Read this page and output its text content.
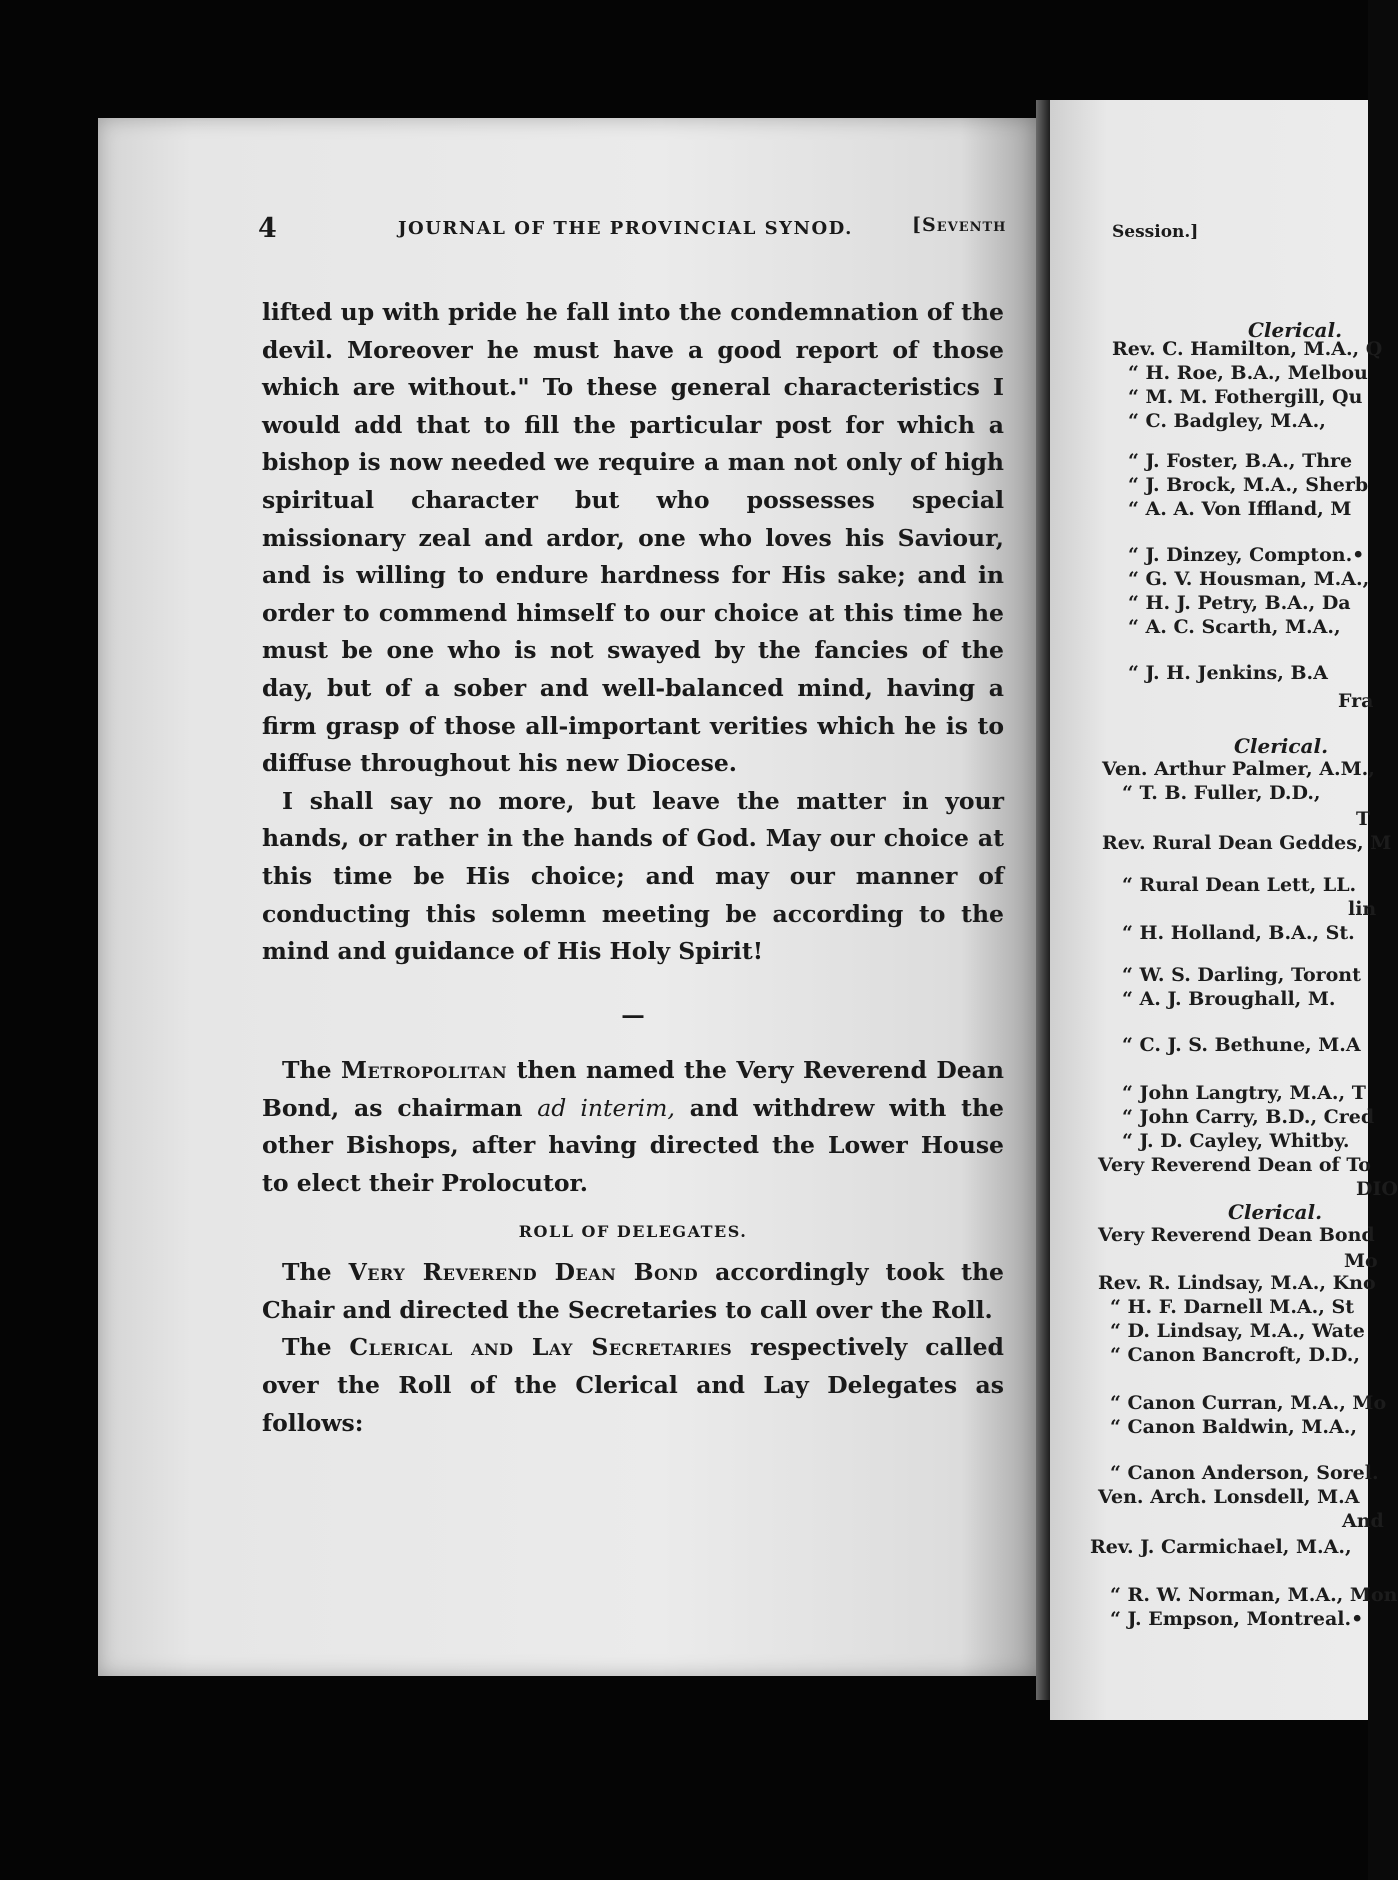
4	JOURNAL OF THE PROVINCIAL SYNOD.	[Seventh

lifted up with pride he fall into the condemnation of the devil. Moreover he must have a good report of those which are without." To these general characteristics I would add that to fill the particular post for which a bishop is now needed we require a man not only of high spiritual character but who possesses special missionary zeal and ardor, one who loves his Saviour, and is willing to endure hardness for His sake; and in order to commend himself to our choice at this time he must be one who is not swayed by the fancies of the day, but of a sober and well-balanced mind, having a firm grasp of those all-important verities which he is to diffuse throughout his new Diocese.

I shall say no more, but leave the matter in your hands, or rather in the hands of God. May our choice at this time be His choice; and may our manner of conducting this solemn meeting be according to the mind and guidance of His Holy Spirit!

—

The Metropolitan then named the Very Reverend Dean Bond, as chairman ad interim, and withdrew with the other Bishops, after having directed the Lower House to elect their Prolocutor.

ROLL OF DELEGATES.

The Very Reverend Dean Bond accordingly took the Chair and directed the Secretaries to call over the Roll.

The Clerical and Lay Secretaries respectively called over the Roll of the Clerical and Lay Delegates as follows:

Session.]
Clerical.
Rev. C. Hamilton, M.A., Q
“ H. Roe, B.A., Melbou
“ M. M. Fothergill, Qu
“ C. Badgley, M.A.,
“ J. Foster, B.A., Thre
“ J. Brock, M.A., Sherb
“ A. A. Von Iffland, M
“ J. Dinzey, Compton.•
“ G. V. Housman, M.A.,
“ H. J. Petry, B.A., Da
“ A. C. Scarth, M.A.,
“ J. H. Jenkins, B.A
Fra
Clerical.
Ven. Arthur Palmer, A.M.,
“ T. B. Fuller, D.D.,
T
Rev. Rural Dean Geddes, M
“ Rural Dean Lett, LL.
lin
“ H. Holland, B.A., St.
“ W. S. Darling, Toront
“ A. J. Broughall, M.
“ C. J. S. Bethune, M.A
“ John Langtry, M.A., T
“ John Carry, B.D., Cred
“ J. D. Cayley, Whitby.
Very Reverend Dean of To
DIO
Clerical.
Very Reverend Dean Bond
Mo
Rev. R. Lindsay, M.A., Kno
“ H. F. Darnell M.A., St
“ D. Lindsay, M.A., Wate
“ Canon Bancroft, D.D.,
“ Canon Curran, M.A., Mo
“ Canon Baldwin, M.A.,
“ Canon Anderson, Sorel.
Ven. Arch. Lonsdell, M.A
And
Rev. J. Carmichael, M.A.,
“ R. W. Norman, M.A., Mon
“ J. Empson, Montreal.•
